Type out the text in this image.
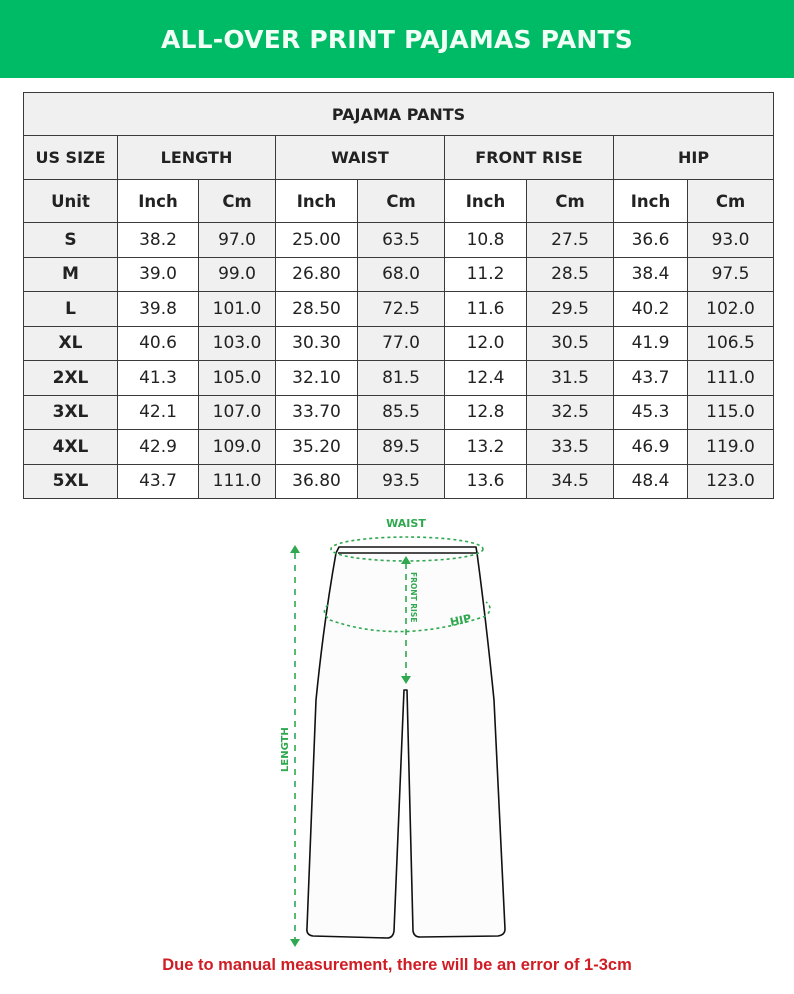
ALL-OVER PRINT PAJAMAS PANTS
PAJAMA PANTS								
US SIZE	LENGTH		WAIST		FRONT RISE		HIP	
Unit	Inch	Cm	Inch	Cm	Inch	Cm	Inch	Cm
S	38.2	97.0	25.00	63.5	10.8	27.5	36.6	93.0
M	39.0	99.0	26.80	68.0	11.2	28.5	38.4	97.5
L	39.8	101.0	28.50	72.5	11.6	29.5	40.2	102.0
XL	40.6	103.0	30.30	77.0	12.0	30.5	41.9	106.5
2XL	41.3	105.0	32.10	81.5	12.4	31.5	43.7	111.0
3XL	42.1	107.0	33.70	85.5	12.8	32.5	45.3	115.0
4XL	42.9	109.0	35.20	89.5	13.2	33.5	46.9	119.0
5XL	43.7	111.0	36.80	93.5	13.6	34.5	48.4	123.0
WAIST
FRONT RISE	HIP
LENGTH

Due to manual measurement, there will be an error of 1-3cm
